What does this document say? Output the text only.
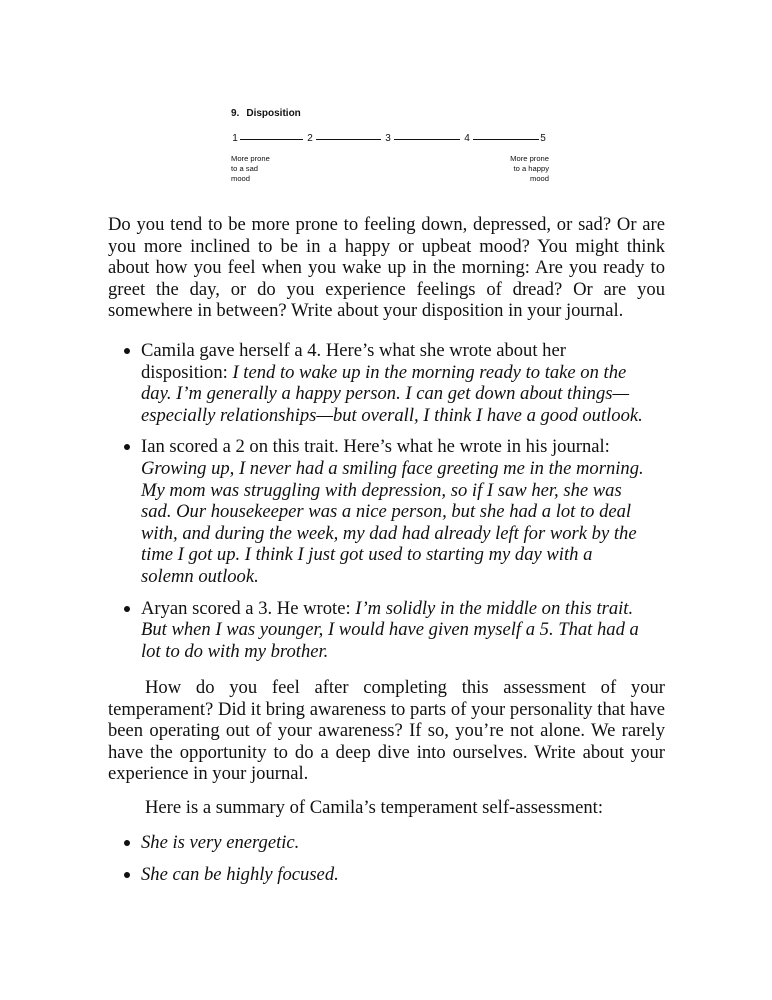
9. Disposition
1	2	3	4	5
More prone
to a sad
mood
More prone
to a happy
mood

Do you tend to be more prone to feeling down, depressed, or sad? Or are you more inclined to be in a happy or upbeat mood? You might think about how you feel when you wake up in the morning: Are you ready to greet the day, or do you experience feelings of dread? Or are you somewhere in between? Write about your disposition in your journal.

Camila gave herself a 4. Here’s what she wrote about her disposition: I tend to wake up in the morning ready to take on the day. I’m generally a happy person. I can get down about things—especially relationships—but overall, I think I have a good outlook.
Ian scored a 2 on this trait. Here’s what he wrote in his journal: Growing up, I never had a smiling face greeting me in the morning. My mom was struggling with depression, so if I saw her, she was sad. Our housekeeper was a nice person, but she had a lot to deal with, and during the week, my dad had already left for work by the time I got up. I think I just got used to starting my day with a solemn outlook.
Aryan scored a 3. He wrote: I’m solidly in the middle on this trait. But when I was younger, I would have given myself a 5. That had a lot to do with my brother.

How do you feel after completing this assessment of your temperament? Did it bring awareness to parts of your personality that have been operating out of your awareness? If so, you’re not alone. We rarely have the opportunity to do a deep dive into ourselves. Write about your experience in your journal.

Here is a summary of Camila’s temperament self-assessment:

She is very energetic.
She can be highly focused.
